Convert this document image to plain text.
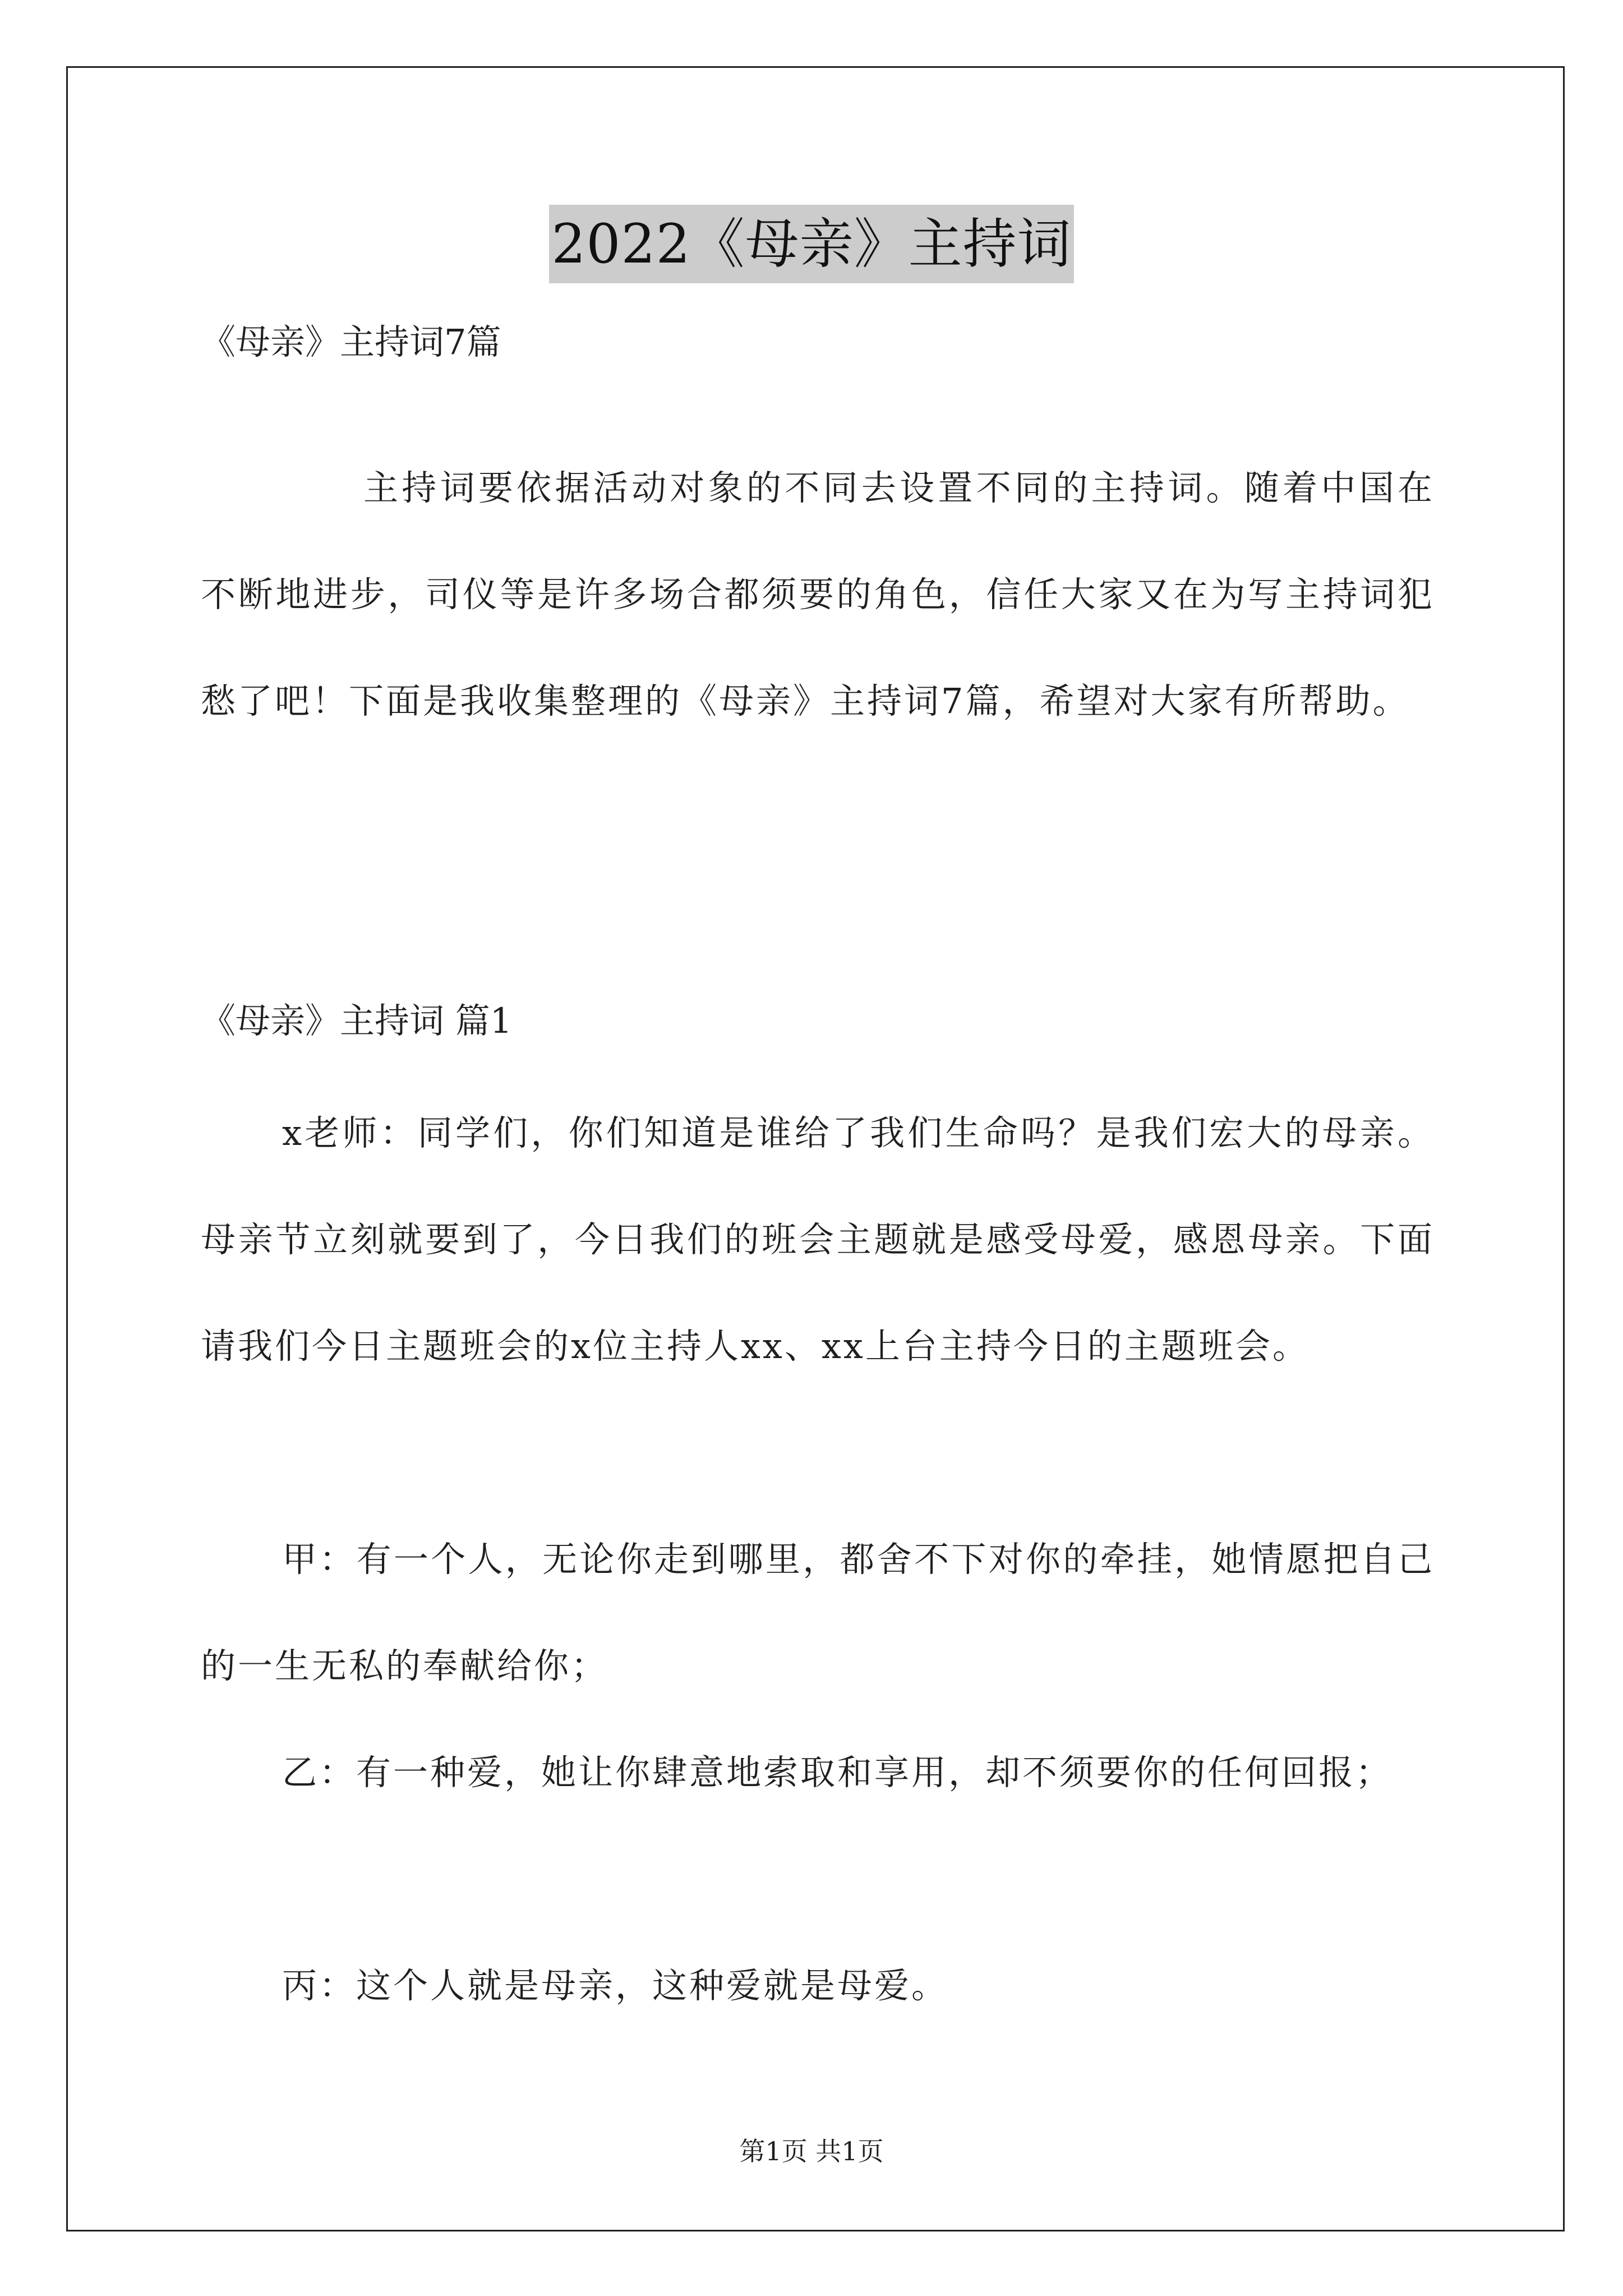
2022《母亲》主持词
《母亲》主持词7篇
主持词要依据活动对象的不同去设置不同的主持词。随着中国在不断地进步，司仪等是许多场合都须要的角色，信任大家又在为写主持词犯愁了吧！下面是我收集整理的《母亲》主持词7篇，希望对大家有所帮助。
《母亲》主持词 篇1
x老师：同学们，你们知道是谁给了我们生命吗？是我们宏大的母亲。母亲节立刻就要到了，今日我们的班会主题就是感受母爱，感恩母亲。下面请我们今日主题班会的x位主持人xx、xx上台主持今日的主题班会。
甲：有一个人，无论你走到哪里，都舍不下对你的牵挂，她情愿把自己的一生无私的奉献给你；
乙：有一种爱，她让你肆意地索取和享用，却不须要你的任何回报；
丙：这个人就是母亲，这种爱就是母爱。
第1页 共1页
